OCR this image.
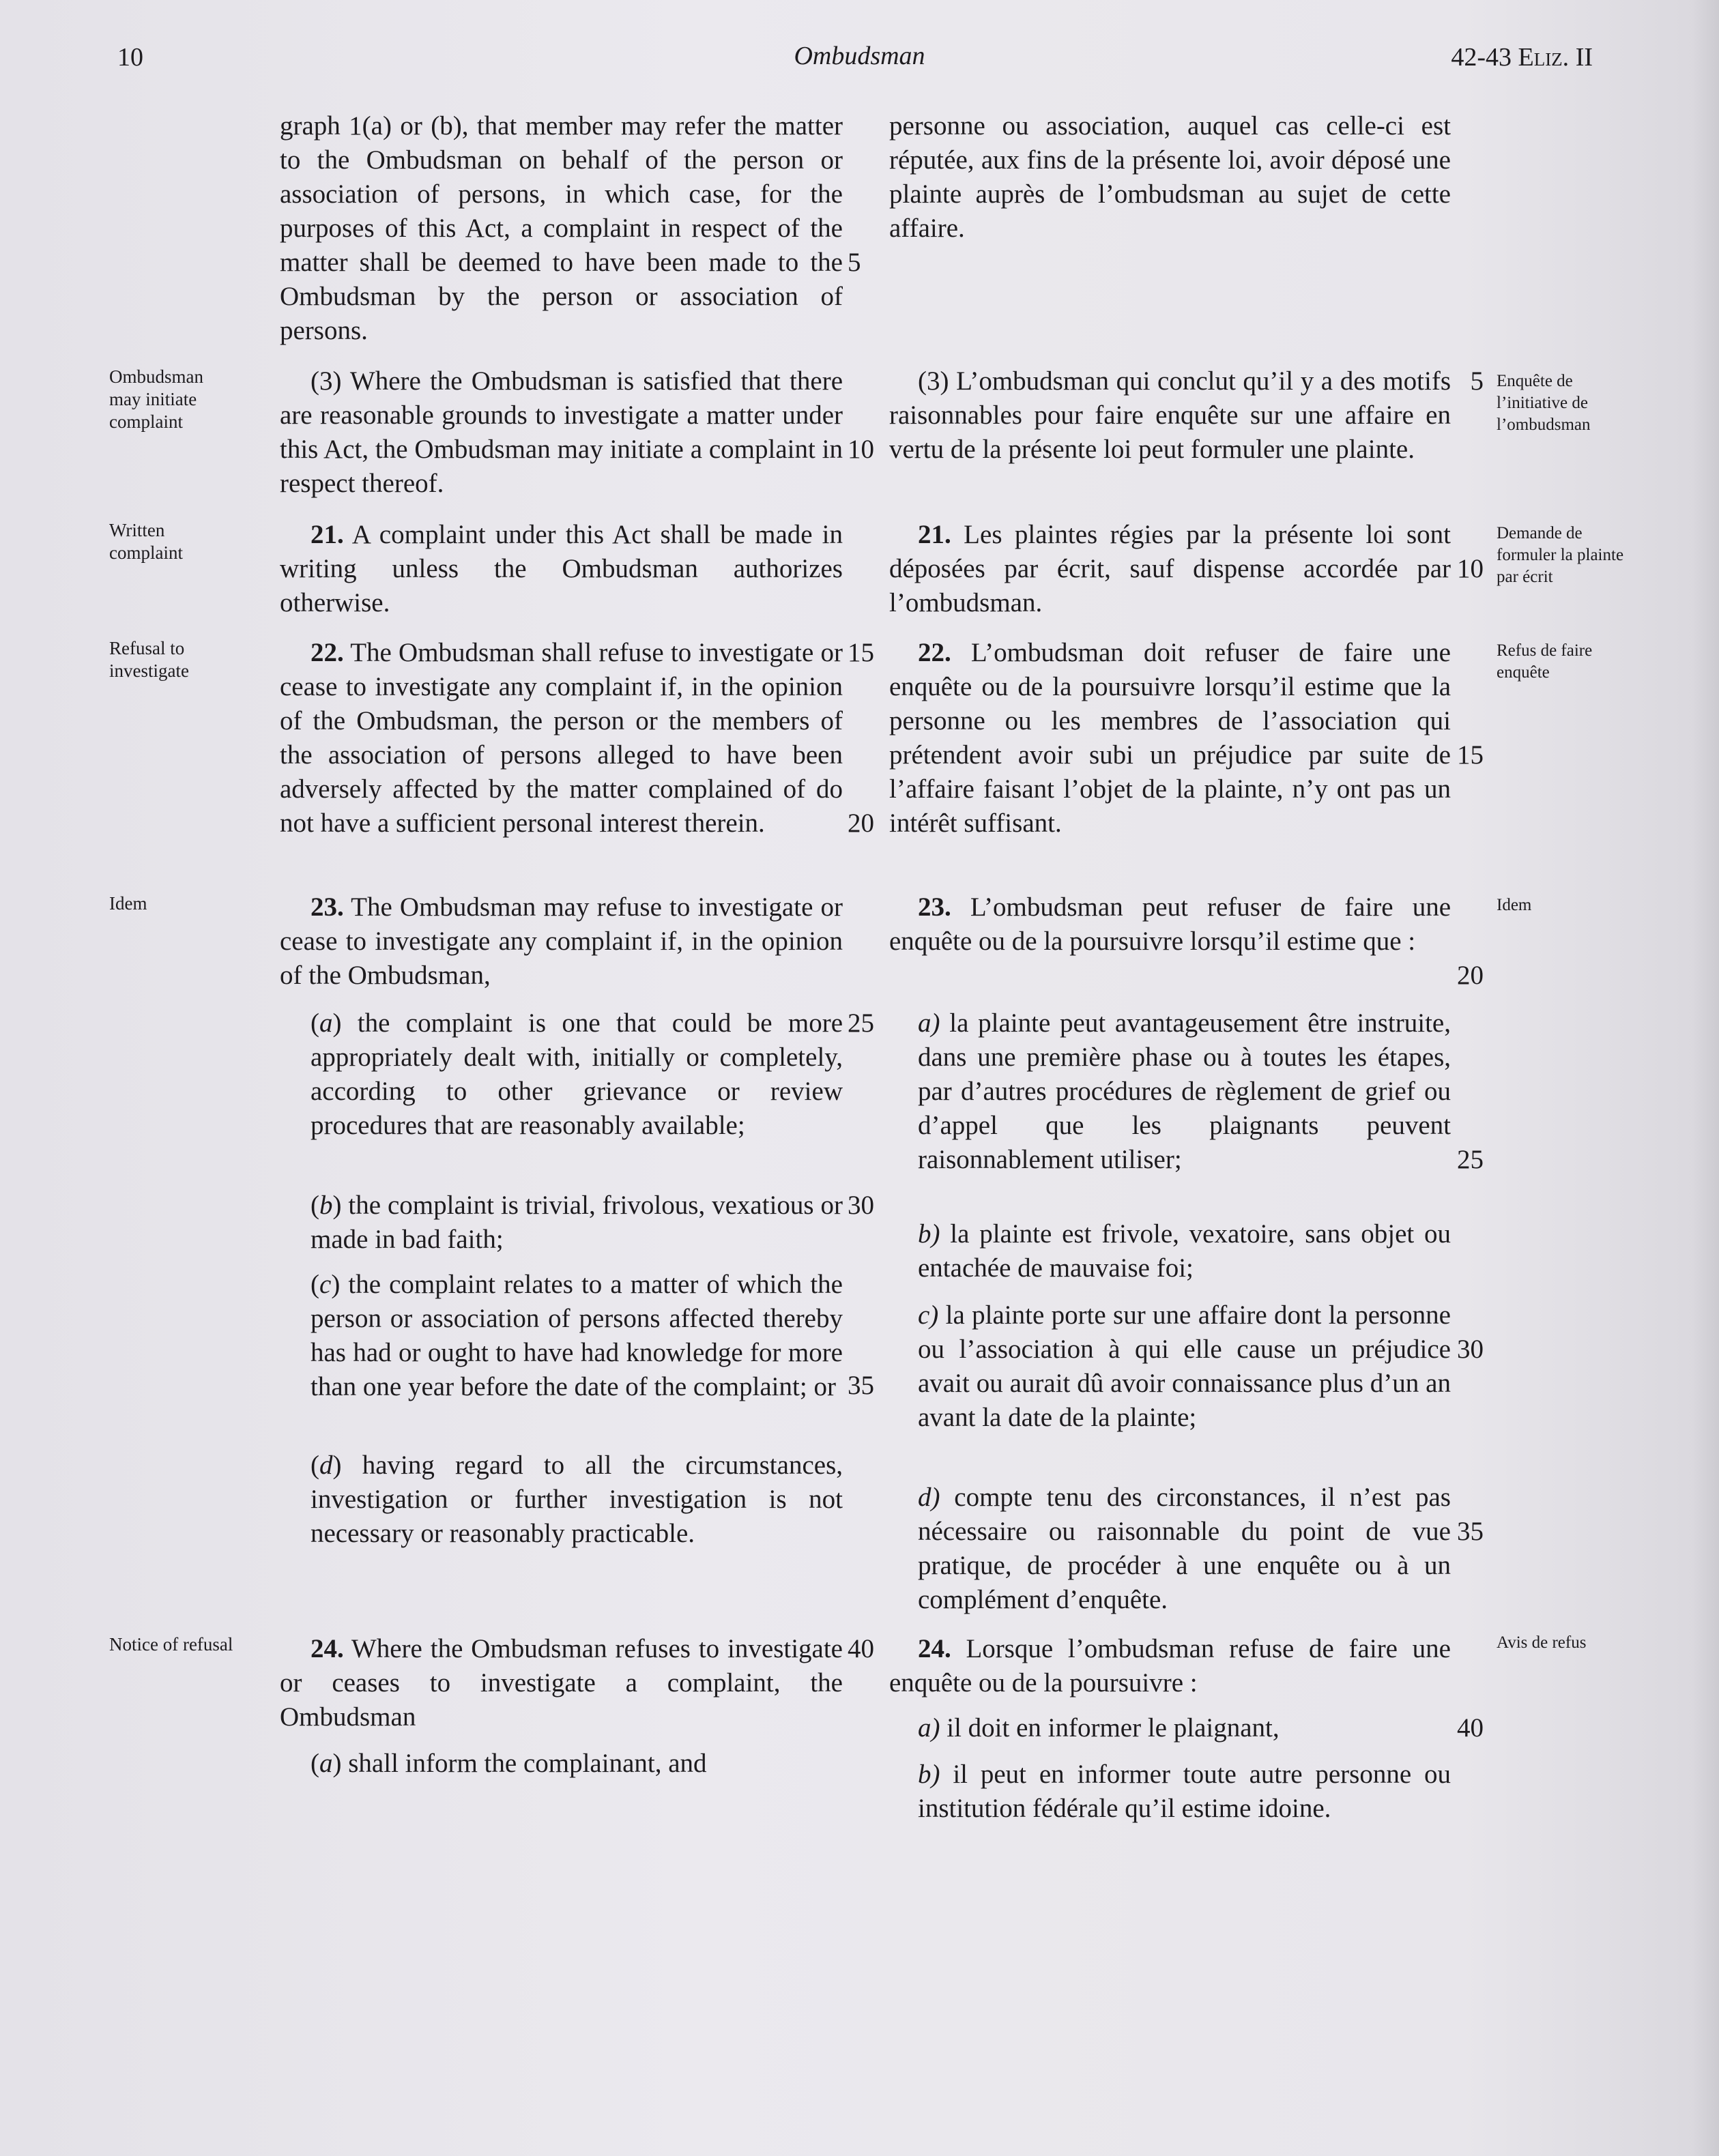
10	Ombudsman	42-43 Eliz. II
Ombudsman may initiate complaint
Written complaint
Refusal to investigate
Idem
Notice of refusal
Enquête de l’initiative de l’ombudsman
Demande de formuler la plainte par écrit
Refus de faire enquête
Idem
Avis de refus

graph 1(a) or (b), that member may refer the matter to the Ombudsman on behalf of the person or association of persons, in which case, for the purposes of this Act, a complaint in respect of the matter shall be deemed to have been made to the Ombudsman by the person or association of persons.

(3) Where the Ombudsman is satisfied that there are reasonable grounds to investigate a matter under this Act, the Ombudsman may initiate a complaint in respect thereof.

21. A complaint under this Act shall be made in writing unless the Ombudsman authorizes otherwise.

22. The Ombudsman shall refuse to investigate or cease to investigate any complaint if, in the opinion of the Ombudsman, the person or the members of the association of persons alleged to have been adversely affected by the matter complained of do not have a sufficient personal interest therein.

23. The Ombudsman may refuse to investigate or cease to investigate any complaint if, in the opinion of the Ombudsman,

(a) the complaint is one that could be more appropriately dealt with, initially or completely, according to other grievance or review procedures that are reasonably available;

(b) the complaint is trivial, frivolous, vexatious or made in bad faith;

(c) the complaint relates to a matter of which the person or association of persons affected thereby has had or ought to have had knowledge for more than one year before the date of the complaint; or

(d) having regard to all the circumstances, investigation or further investigation is not necessary or reasonably practicable.

24. Where the Ombudsman refuses to investigate or ceases to investigate a complaint, the Ombudsman

(a) shall inform the complainant, and

5
10
15
20
25
30
35
40

personne ou association, auquel cas celle-ci est réputée, aux fins de la présente loi, avoir déposé une plainte auprès de l’ombudsman au sujet de cette affaire.

(3) L’ombudsman qui conclut qu’il y a des motifs raisonnables pour faire enquête sur une affaire en vertu de la présente loi peut formuler une plainte.

21. Les plaintes régies par la présente loi sont déposées par écrit, sauf dispense accordée par l’ombudsman.

22. L’ombudsman doit refuser de faire une enquête ou de la poursuivre lorsqu’il estime que la personne ou les membres de l’association qui prétendent avoir subi un préjudice par suite de l’affaire faisant l’objet de la plainte, n’y ont pas un intérêt suffisant.

23. L’ombudsman peut refuser de faire une enquête ou de la poursuivre lorsqu’il estime que :

a) la plainte peut avantageusement être instruite, dans une première phase ou à toutes les étapes, par d’autres procédures de règlement de grief ou d’appel que les plaignants peuvent raisonnablement utiliser;

b) la plainte est frivole, vexatoire, sans objet ou entachée de mauvaise foi;

c) la plainte porte sur une affaire dont la personne ou l’association à qui elle cause un préjudice avait ou aurait dû avoir connaissance plus d’un an avant la date de la plainte;

d) compte tenu des circonstances, il n’est pas nécessaire ou raisonnable du point de vue pratique, de procéder à une enquête ou à un complément d’enquête.

24. Lorsque l’ombudsman refuse de faire une enquête ou de la poursuivre :

a) il doit en informer le plaignant,

b) il peut en informer toute autre personne ou institution fédérale qu’il estime idoine.

5
10
15
20
25
30
35
40
